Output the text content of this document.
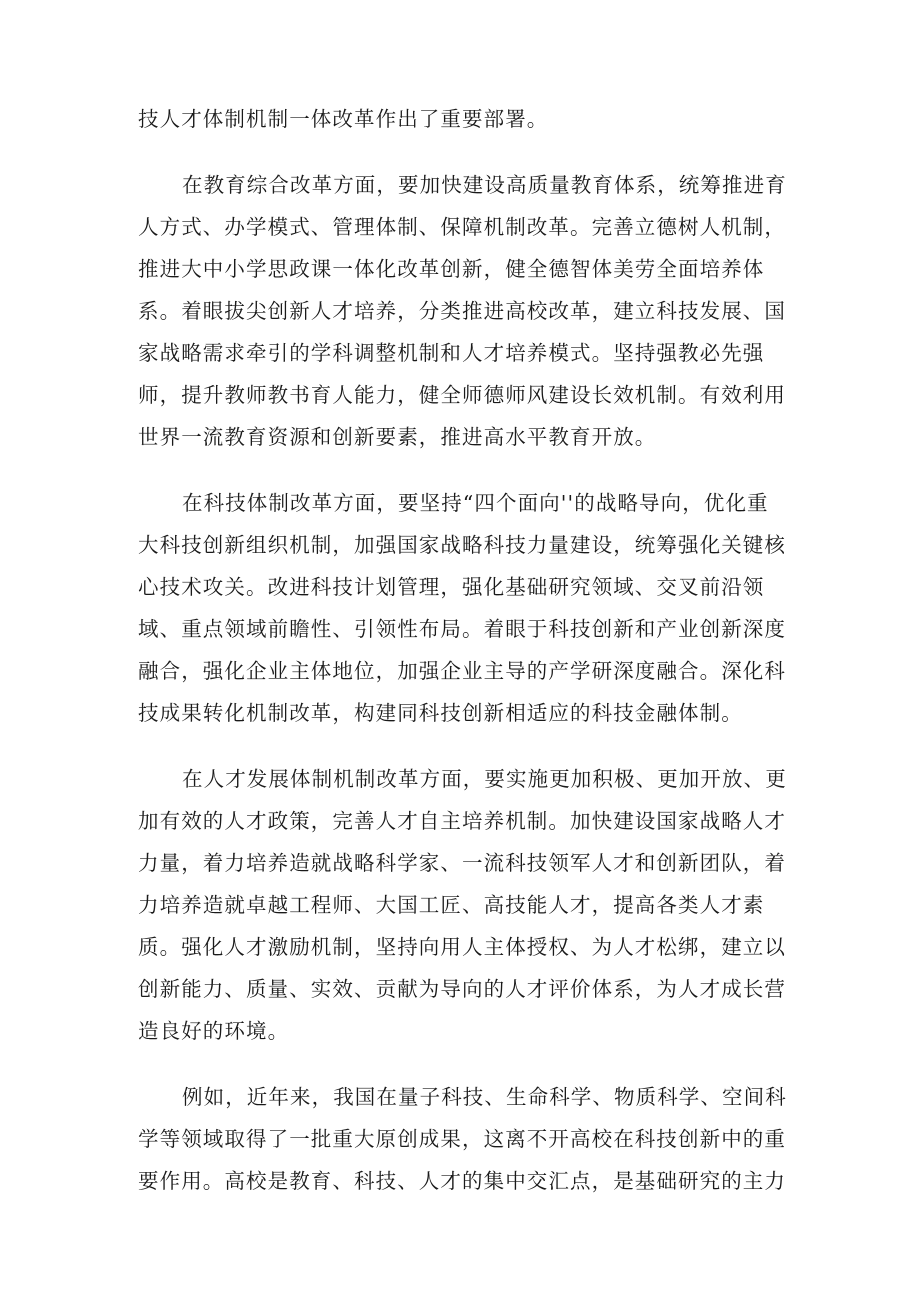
技人才体制机制一体改革作出了重要部署。

在教育综合改革方面，要加快建设高质量教育体系，统筹推进育人方式、办学模式、管理体制、保障机制改革。完善立德树人机制，推进大中小学思政课一体化改革创新，健全德智体美劳全面培养体系。着眼拔尖创新人才培养，分类推进高校改革，建立科技发展、国家战略需求牵引的学科调整机制和人才培养模式。坚持强教必先强师，提升教师教书育人能力，健全师德师风建设长效机制。有效利用世界一流教育资源和创新要素，推进高水平教育开放。

在科技体制改革方面，要坚持“四个面向''的战略导向，优化重大科技创新组织机制，加强国家战略科技力量建设，统筹强化关键核心技术攻关。改进科技计划管理，强化基础研究领域、交叉前沿领域、重点领域前瞻性、引领性布局。着眼于科技创新和产业创新深度融合，强化企业主体地位，加强企业主导的产学研深度融合。深化科技成果转化机制改革，构建同科技创新相适应的科技金融体制。

在人才发展体制机制改革方面，要实施更加积极、更加开放、更加有效的人才政策，完善人才自主培养机制。加快建设国家战略人才力量，着力培养造就战略科学家、一流科技领军人才和创新团队，着力培养造就卓越工程师、大国工匠、高技能人才，提高各类人才素质。强化人才激励机制，坚持向用人主体授权、为人才松绑，建立以创新能力、质量、实效、贡献为导向的人才评价体系，为人才成长营造良好的环境。

例如，近年来，我国在量子科技、生命科学、物质科学、空间科学等领域取得了一批重大原创成果，这离不开高校在科技创新中的重要作用。高校是教育、科技、人才的集中交汇点，是基础研究的主力
